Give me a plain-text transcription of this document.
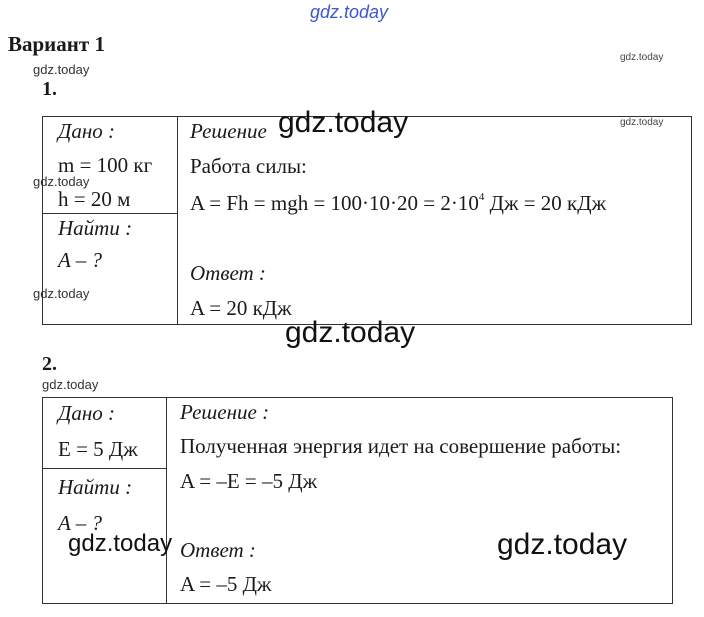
gdz.today
Вариант 1
gdz.today
gdz.today
1.
Дано :
m = 100 кг
h = 20 м
Найти :
A – ?
Решение
Работа силы:
A = Fh = mgh = $100\cdot 10\cdot 20 = 2\cdot 10^4$ Дж = 20 кДж
Ответ :
A = 20 кДж
gdz.today	gdz.today
gdz.today
gdz.today
gdz.today
2.
gdz.today
Дано :
E = 5 Дж
Найти :
A – ?
Решение :
Полученная энергия идет на совершение работы:
A = –E = –5 Дж
Ответ :
A = –5 Дж
gdz.today	gdz.today
